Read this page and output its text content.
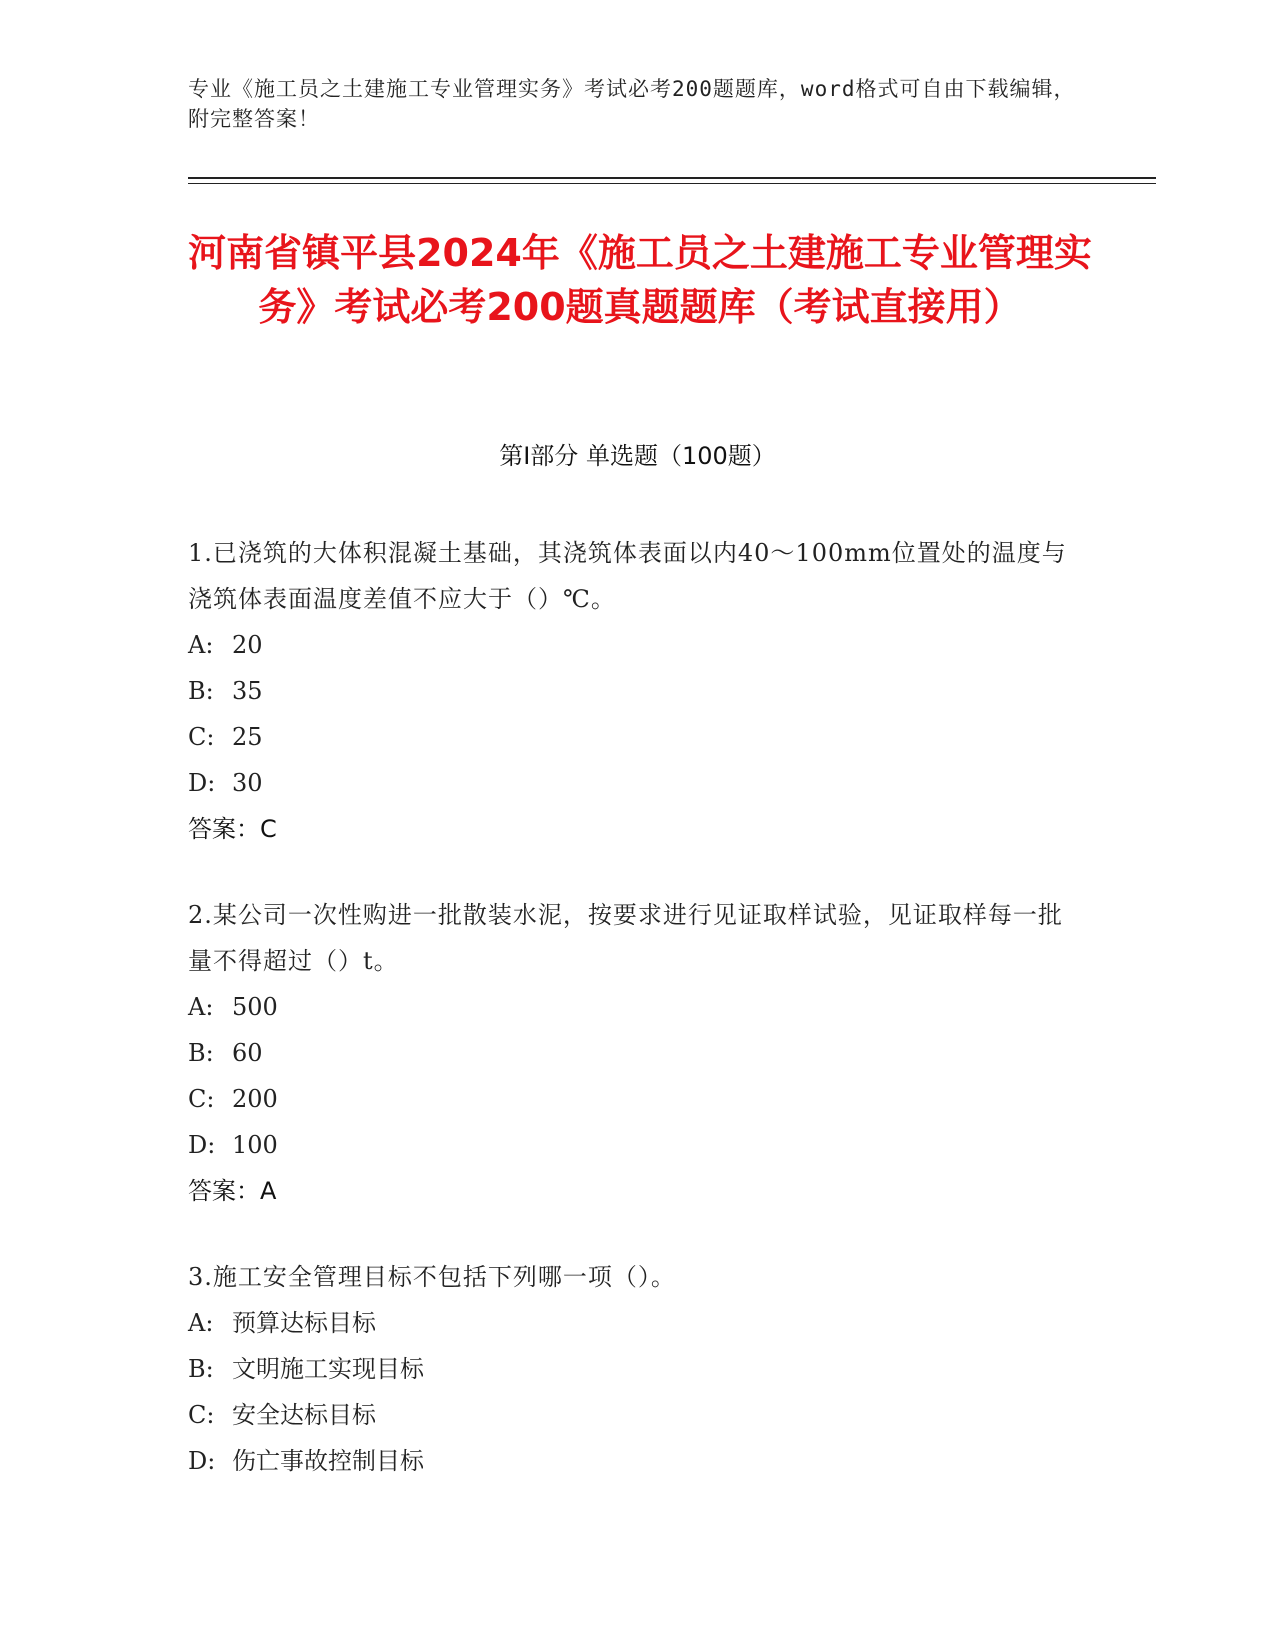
专业《施工员之土建施工专业管理实务》考试必考200题题库，word格式可自由下载编辑，附完整答案！
河南省镇平县2024年《施工员之土建施工专业管理实务》考试必考200题真题题库（考试直接用）
第Ⅰ部分 单选题（100题）
1.已浇筑的大体积混凝土基础，其浇筑体表面以内40～100mm位置处的温度与浇筑体表面温度差值不应大于（）℃。
A: 20
B: 35
C: 25
D: 30
答案：C
2.某公司一次性购进一批散装水泥，按要求进行见证取样试验，见证取样每一批量不得超过（）t。
A: 500
B: 60
C: 200
D: 100
答案：A
3.施工安全管理目标不包括下列哪一项（）。
A: 预算达标目标
B: 文明施工实现目标
C: 安全达标目标
D: 伤亡事故控制目标
